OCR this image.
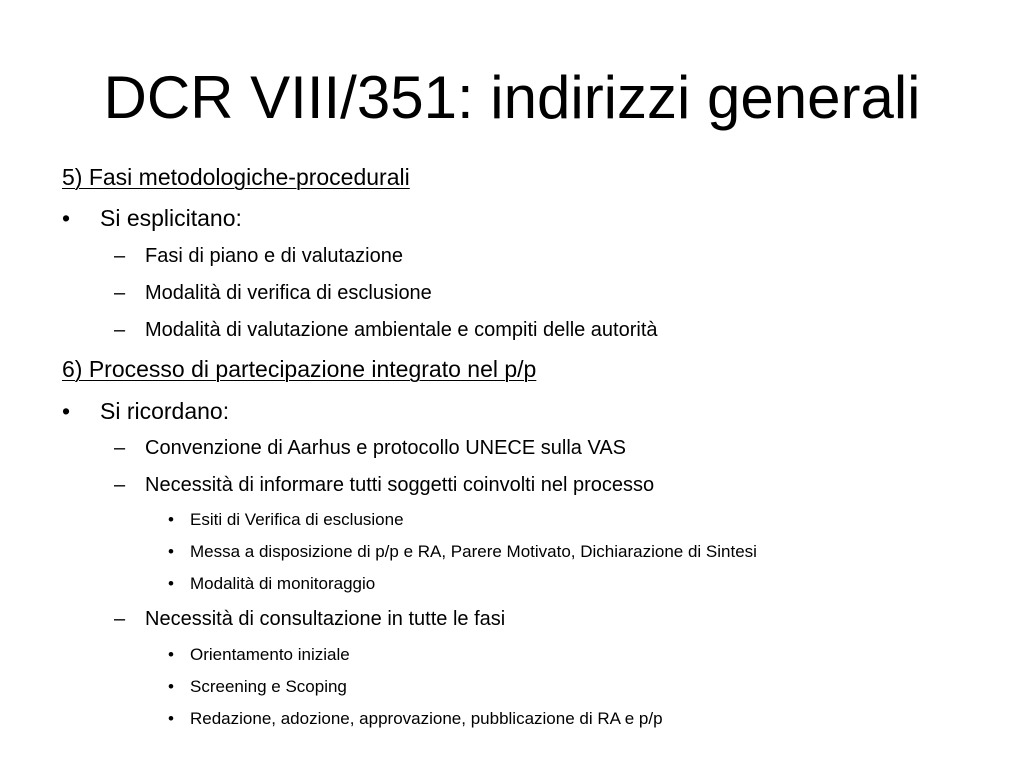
DCR VIII/351: indirizzi generali
5) Fasi metodologiche-procedurali
• Si esplicitano:
– Fasi di piano e di valutazione
– Modalità di verifica di esclusione
– Modalità di valutazione ambientale e compiti delle autorità
6) Processo di partecipazione integrato nel p/p
• Si ricordano:
– Convenzione di Aarhus e protocollo UNECE sulla VAS
– Necessità di informare tutti soggetti coinvolti nel processo
• Esiti di Verifica di esclusione
• Messa a disposizione di p/p e RA, Parere Motivato, Dichiarazione di Sintesi
• Modalità di monitoraggio
– Necessità di consultazione in tutte le fasi
• Orientamento iniziale
• Screening e Scoping
• Redazione, adozione, approvazione, pubblicazione di RA e p/p
